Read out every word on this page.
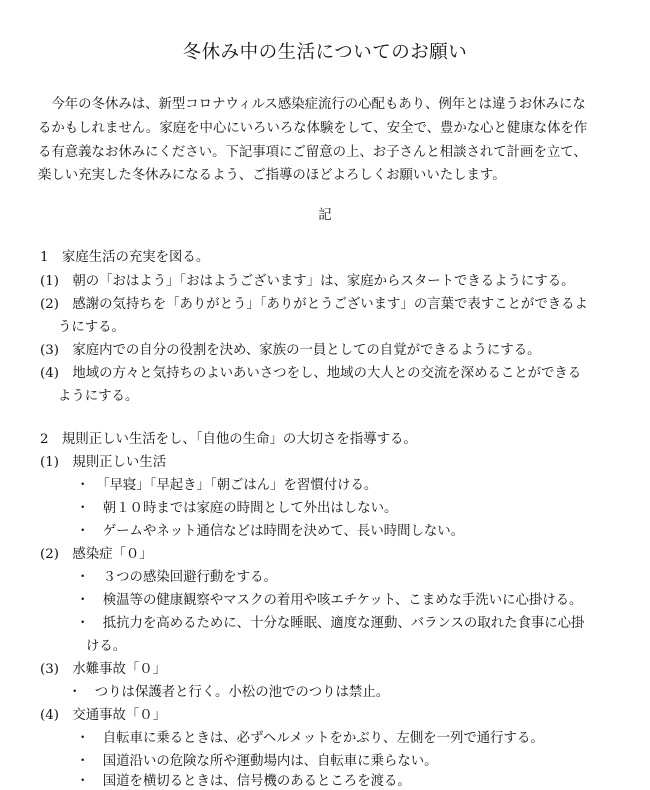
冬休み中の生活についてのお願い
　今年の冬休みは、新型コロナウィルス感染症流行の心配もあり、例年とは違うお休みにな
るかもしれません。家庭を中心にいろいろな体験をして、安全で、豊かな心と健康な体を作
る有意義なお休みにください。下記事項にご留意の上、お子さんと相談されて計画を立て、
楽しい充実した冬休みになるよう、ご指導のほどよろしくお願いいたします。
記
1　家庭生活の充実を図る。
(1)　朝の「おはよう」「おはようございます」は、家庭からスタートできるようにする。
(2)　感謝の気持ちを「ありがとう」「ありがとうございます」の言葉で表すことができるよ
うにする。
(3)　家庭内での自分の役割を決め、家族の一員としての自覚ができるようにする。
(4)　地域の方々と気持ちのよいあいさつをし、地域の大人との交流を深めることができる
ようにする。
2　規則正しい生活をし、「自他の生命」の大切さを指導する。
(1)　規則正しい生活
・　「早寝」「早起き」「朝ごはん」を習慣付ける。
・　朝１０時までは家庭の時間として外出はしない。
・　ゲームやネット通信などは時間を決めて、長い時間しない。
(2)　感染症「０」
・　３つの感染回避行動をする。
・　検温等の健康観察やマスクの着用や咳エチケット、こまめな手洗いに心掛ける。
・　抵抗力を高めるために、十分な睡眠、適度な運動、バランスの取れた食事に心掛
ける。
(3)　水難事故「０」
・　つりは保護者と行く。小松の池でのつりは禁止。
(4)　交通事故「０」
・　自転車に乗るときは、必ずヘルメットをかぶり、左側を一列で通行する。
・　国道沿いの危険な所や運動場内は、自転車に乗らない。
・　国道を横切るときは、信号機のあるところを渡る。
